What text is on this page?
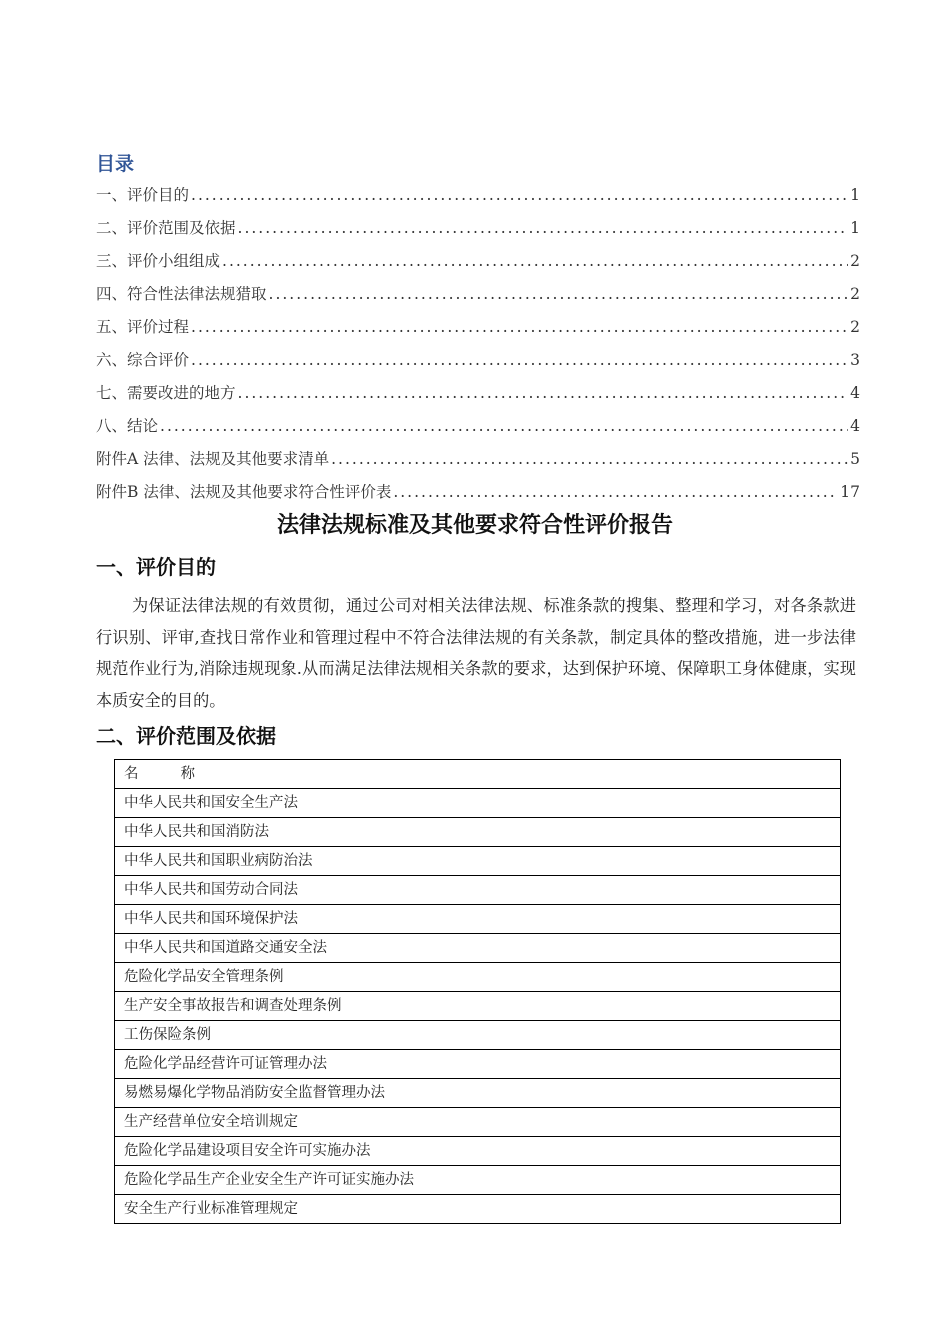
目录
一、评价目的 .....	1
二、评价范围及依据 .....	1
三、评价小组组成 .....	2
四、符合性法律法规猎取 .....	2
五、评价过程 .....	2
六、综合评价 .....	3
七、需要改进的地方 .....	4
八、结论 .....	4
附件A 法律、法规及其他要求清单 .....	5
附件B 法律、法规及其他要求符合性评价表 .....	17
法律法规标准及其他要求符合性评价报告
一、评价目的
为保证法律法规的有效贯彻，通过公司对相关法律法规、标准条款的搜集、整理和学习，对各条款进行识别、评审,查找日常作业和管理过程中不符合法律法规的有关条款，制定具体的整改措施，进一步法律规范作业行为,消除违规现象.从而满足法律法规相关条款的要求，达到保护环境、保障职工身体健康，实现本质安全的目的。
二、评价范围及依据
名	称
中华人民共和国安全生产法
中华人民共和国消防法
中华人民共和国职业病防治法
中华人民共和国劳动合同法
中华人民共和国环境保护法
中华人民共和国道路交通安全法
危险化学品安全管理条例
生产安全事故报告和调查处理条例
工伤保险条例
危险化学品经营许可证管理办法
易燃易爆化学物品消防安全监督管理办法
生产经营单位安全培训规定
危险化学品建设项目安全许可实施办法
危险化学品生产企业安全生产许可证实施办法
安全生产行业标准管理规定
